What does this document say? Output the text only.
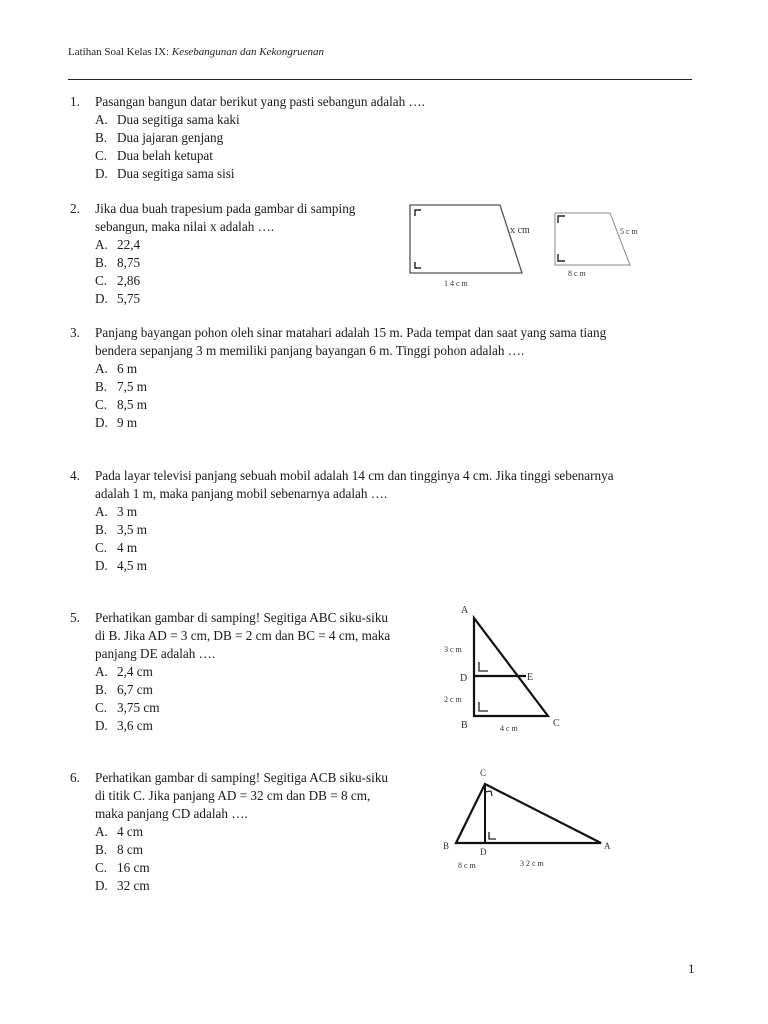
Latihan Soal Kelas IX: Kesebangunan dan Kekongruenan
1.	Pasangan bangun datar berikut yang pasti sebangun adalah ….
A. Dua segitiga sama kaki
B. Dua jajaran genjang
C. Dua belah ketupat
D. Dua segitiga sama sisi
2.	Jika dua buah trapesium pada gambar di samping
sebangun, maka nilai x adalah ….
A. 22,4
B. 8,75
C. 2,86
D. 5,75
x cm
1 4 c m
5 c m
8 c m
3.	Panjang bayangan pohon oleh sinar matahari adalah 15 m. Pada tempat dan saat yang sama tiang
bendera sepanjang 3 m memiliki panjang bayangan 6 m. Tinggi pohon adalah ….
A. 6 m
B. 7,5 m
C. 8,5 m
D. 9 m
4.	Pada layar televisi panjang sebuah mobil adalah 14 cm dan tingginya 4 cm. Jika tinggi sebenarnya
adalah 1 m, maka panjang mobil sebenarnya adalah ….
A. 3 m
B. 3,5 m
C. 4 m
D. 4,5 m
5.	Perhatikan gambar di samping! Segitiga ABC siku-siku
di B. Jika AD = 3 cm, DB = 2 cm dan BC = 4 cm, maka
panjang DE adalah ….
A. 2,4 cm
B. 6,7 cm
C. 3,75 cm
D. 3,6 cm
A
3 c m
D	E
2 c m
B	4 c m	C
6.	Perhatikan gambar di samping! Segitiga ACB siku-siku
di titik C. Jika panjang AD = 32 cm dan DB = 8 cm,
maka panjang CD adalah ….
A. 4 cm
B. 8 cm
C. 16 cm
D. 32 cm
C
B
D
A
8 c m	3 2 c m
1
